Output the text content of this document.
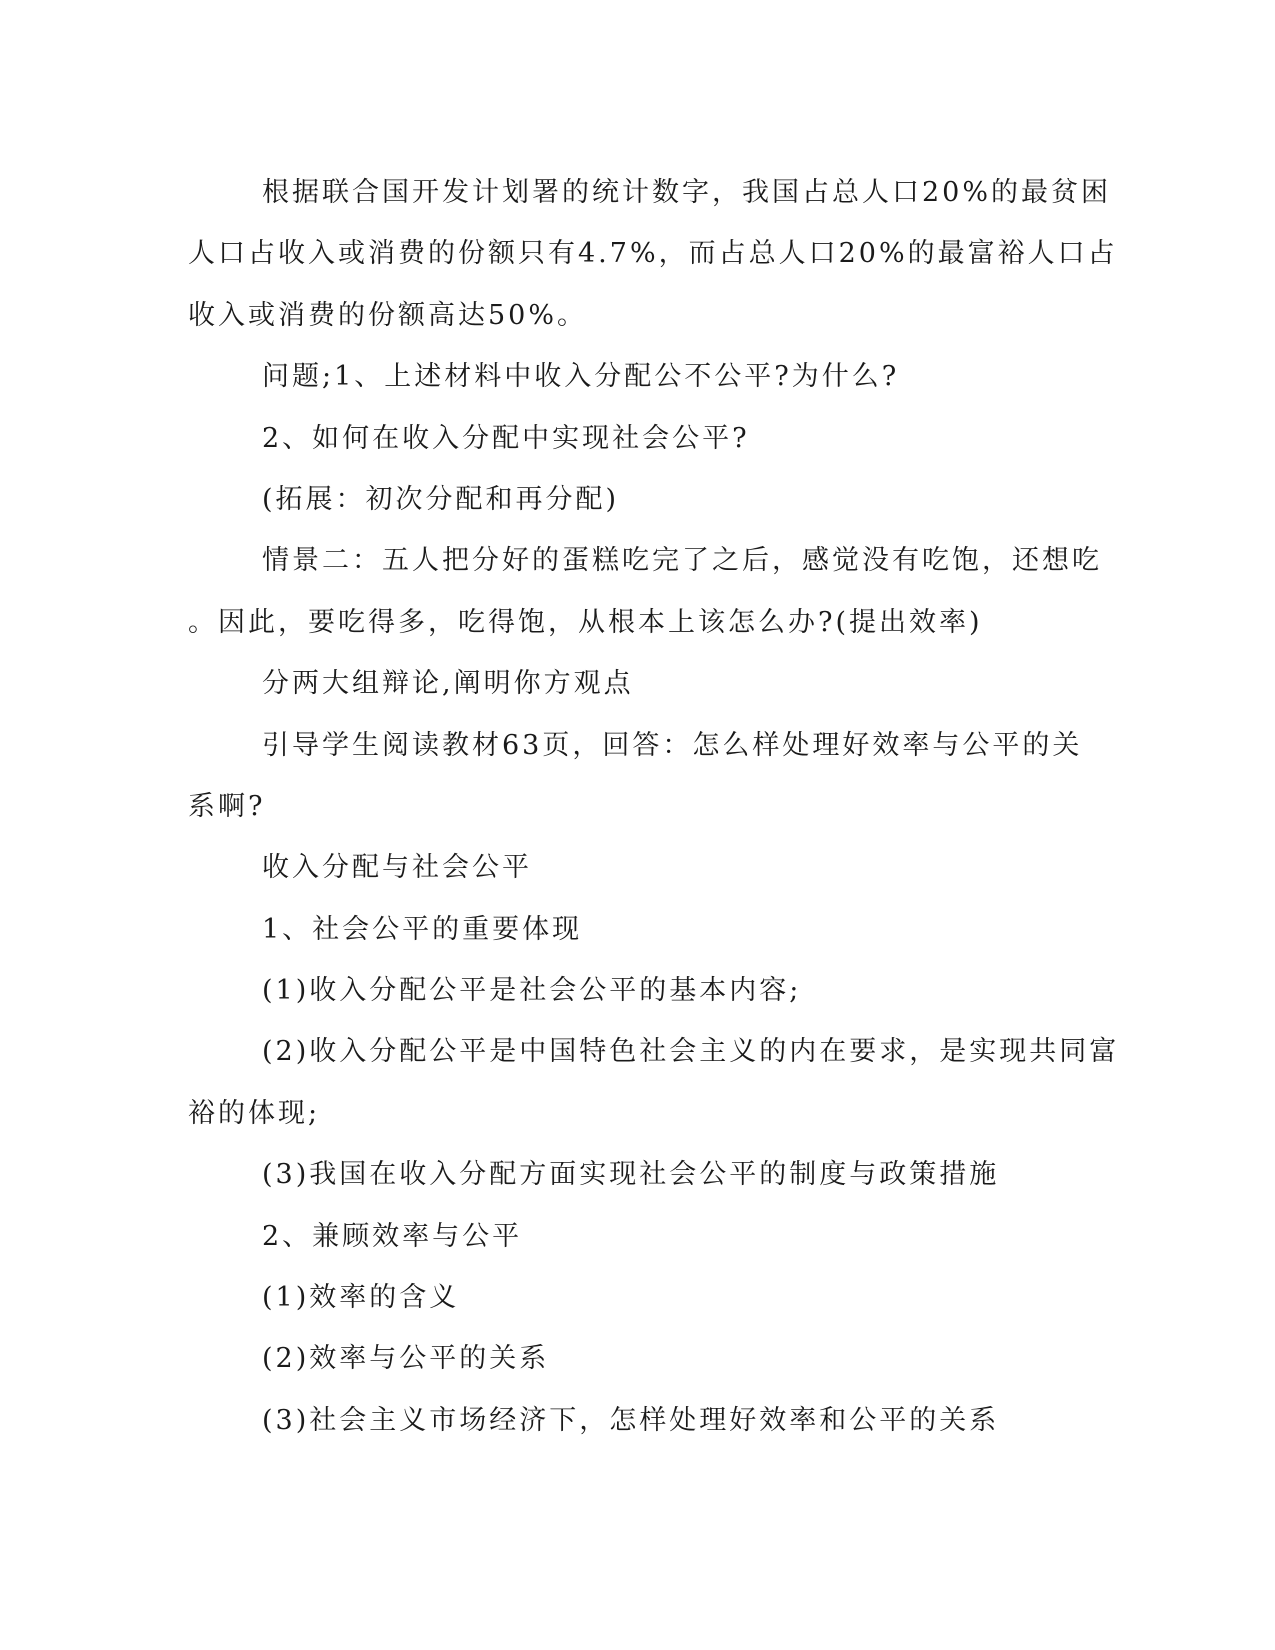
根据联合国开发计划署的统计数字，我国占总人口20%的最贫困
人口占收入或消费的份额只有4.7%，而占总人口20%的最富裕人口占
收入或消费的份额高达50%。
问题;1、上述材料中收入分配公不公平?为什么?
2、如何在收入分配中实现社会公平?
(拓展：初次分配和再分配)
情景二：五人把分好的蛋糕吃完了之后，感觉没有吃饱，还想吃
。因此，要吃得多，吃得饱，从根本上该怎么办?(提出效率)
分两大组辩论,阐明你方观点
引导学生阅读教材63页，回答：怎么样处理好效率与公平的关
系啊?
收入分配与社会公平
1、社会公平的重要体现
(1)收入分配公平是社会公平的基本内容;
(2)收入分配公平是中国特色社会主义的内在要求，是实现共同富
裕的体现;
(3)我国在收入分配方面实现社会公平的制度与政策措施
2、兼顾效率与公平
(1)效率的含义
(2)效率与公平的关系
(3)社会主义市场经济下，怎样处理好效率和公平的关系
